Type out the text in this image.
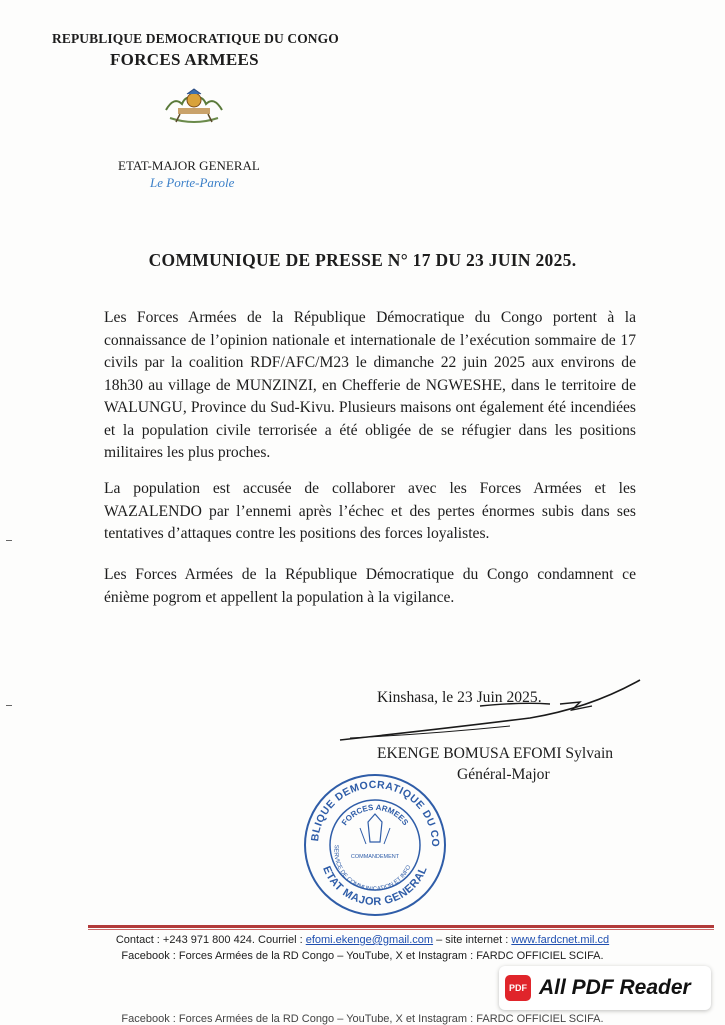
REPUBLIQUE DEMOCRATIQUE DU CONGO
FORCES ARMEES
ETAT-MAJOR GENERAL
Le Porte-Parole
COMMUNIQUE DE PRESSE N° 17 DU 23 JUIN 2025.
Les Forces Armées de la République Démocratique du Congo portent à la connaissance de l’opinion nationale et internationale de l’exécution sommaire de 17 civils par la coalition RDF/AFC/M23 le dimanche 22 juin 2025 aux environs de 18h30 au village de MUNZINZI, en Chefferie de NGWESHE, dans le territoire de WALUNGU, Province du Sud-Kivu. Plusieurs maisons ont également été incendiées et la population civile terrorisée a été obligée de se réfugier dans les positions militaires les plus proches.
La population est accusée de collaborer avec les Forces Armées et les WAZALENDO par l’ennemi après l’échec et des pertes énormes subis dans ses tentatives d’attaques contre les positions des forces loyalistes.
Les Forces Armées de la République Démocratique du Congo condamnent ce énième pogrom et appellent la population à la vigilance.
Kinshasa, le 23 Juin 2025.
EKENGE BOMUSA EFOMI Sylvain
Général-Major
BLIQUE DEMOCRATIQUE DU CO
FORCES ARMEES
ETAT MAJOR GENERAL
SERVICE DE COMMUNICATION ET INFO
COMMANDEMENT
Contact : +243 971 800 424. Courriel : efomi.ekenge@gmail.com – site internet : www.fardcnet.mil.cd
Facebook : Forces Armées de la RD Congo – YouTube, X et Instagram : FARDC OFFICIEL SCIFA.
PDF All PDF Reader
Facebook : Forces Armées de la RD Congo – YouTube, X et Instagram : FARDC OFFICIEL SCIFA.
